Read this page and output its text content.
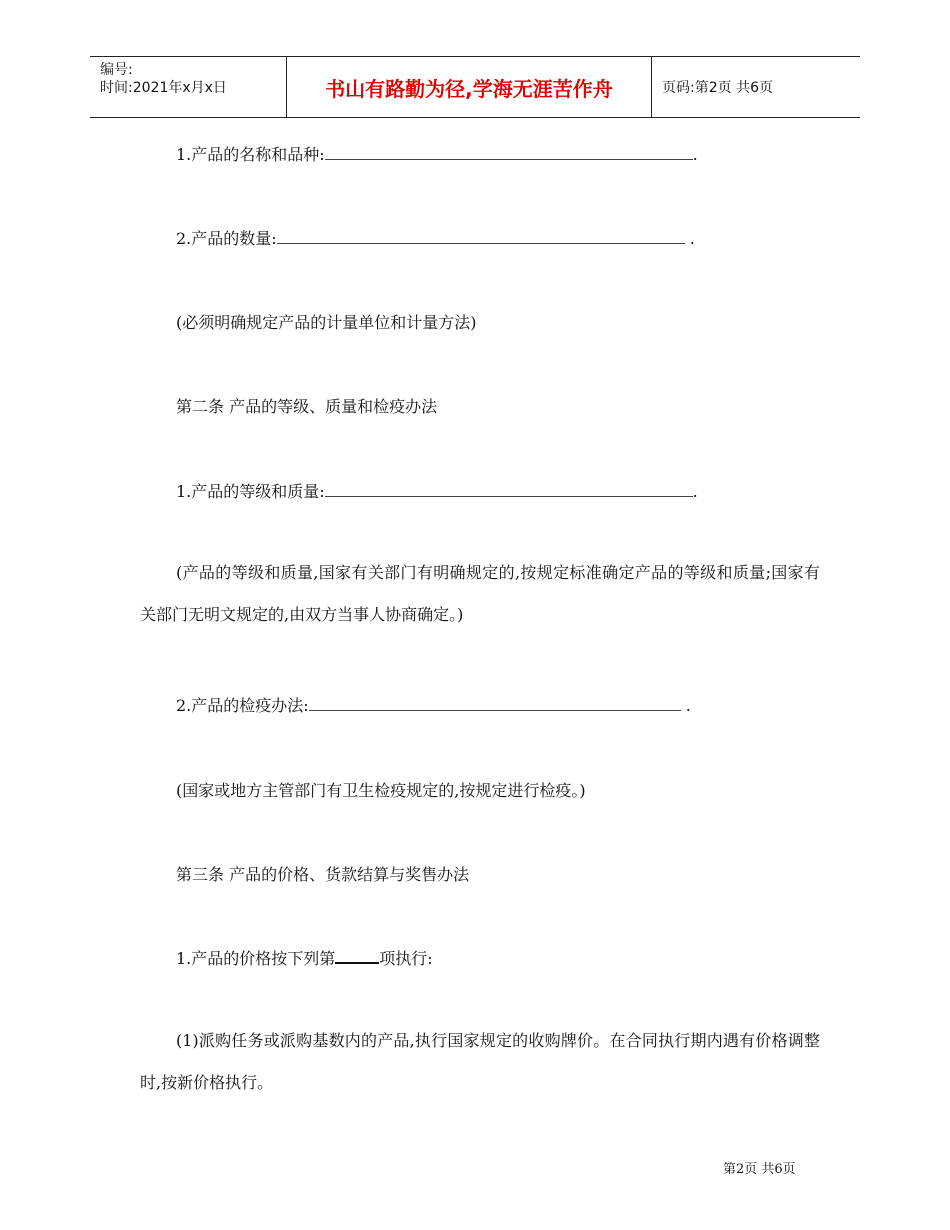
编号:
时间:2021年x月x日	书山有路勤为径,学海无涯苦作舟	页码:第2页 共6页
1.产品的名称和品种:	.
2.产品的数量:	.
(必须明确规定产品的计量单位和计量方法)
第二条 产品的等级、质量和检疫办法
1.产品的等级和质量:	.
(产品的等级和质量,国家有关部门有明确规定的,按规定标准确定产品的等级和质量;国家有关部门无明文规定的,由双方当事人协商确定。)
2.产品的检疫办法:	.
(国家或地方主管部门有卫生检疫规定的,按规定进行检疫。)
第三条 产品的价格、货款结算与奖售办法
1.产品的价格按下列第	项执行:
(1)派购任务或派购基数内的产品,执行国家规定的收购牌价。在合同执行期内遇有价格调整时,按新价格执行。
第2页 共6页
